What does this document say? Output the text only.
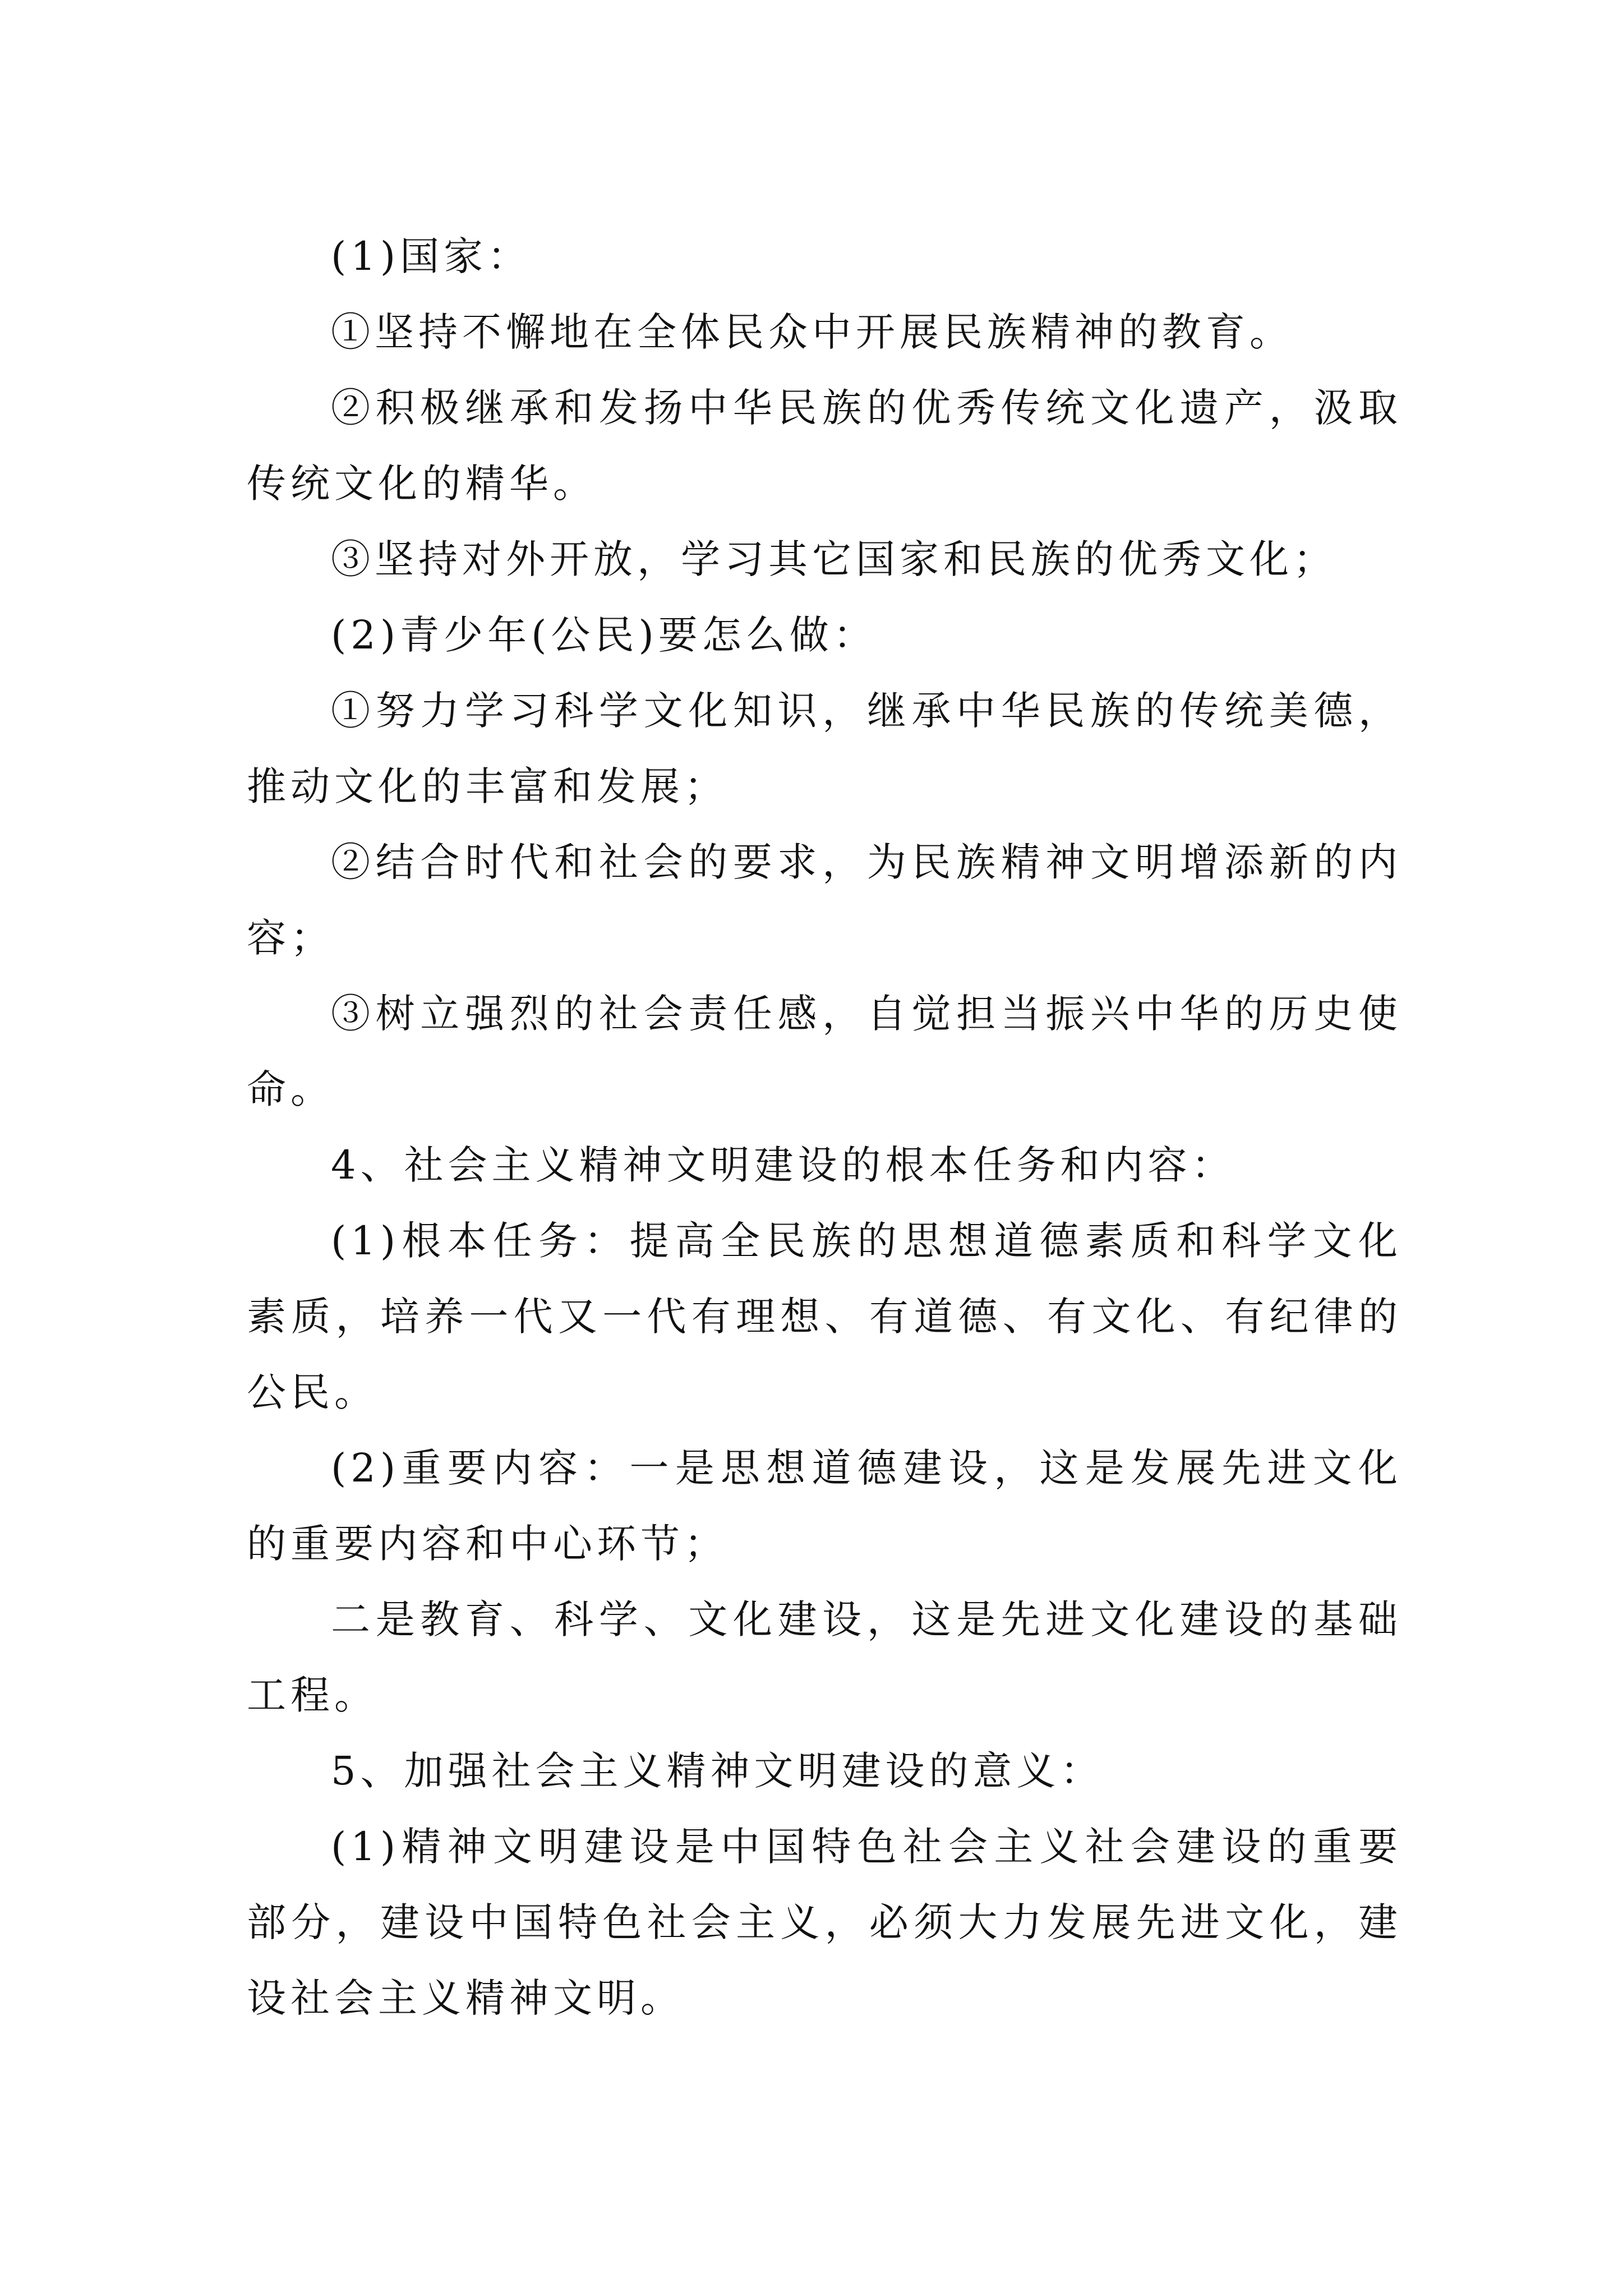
(1)国家：

①坚持不懈地在全体民众中开展民族精神的教育。

②积极继承和发扬中华民族的优秀传统文化遗产，汲取传统文化的精华。

③坚持对外开放，学习其它国家和民族的优秀文化；

(2)青少年(公民)要怎么做：

①努力学习科学文化知识，继承中华民族的传统美德，推动文化的丰富和发展；

②结合时代和社会的要求，为民族精神文明增添新的内容；

③树立强烈的社会责任感，自觉担当振兴中华的历史使命。

4、社会主义精神文明建设的根本任务和内容：

(1)根本任务：提高全民族的思想道德素质和科学文化素质，培养一代又一代有理想、有道德、有文化、有纪律的公民。

(2)重要内容：一是思想道德建设，这是发展先进文化的重要内容和中心环节；

二是教育、科学、文化建设，这是先进文化建设的基础工程。

5、加强社会主义精神文明建设的意义：

(1)精神文明建设是中国特色社会主义社会建设的重要部分，建设中国特色社会主义，必须大力发展先进文化，建设社会主义精神文明。
